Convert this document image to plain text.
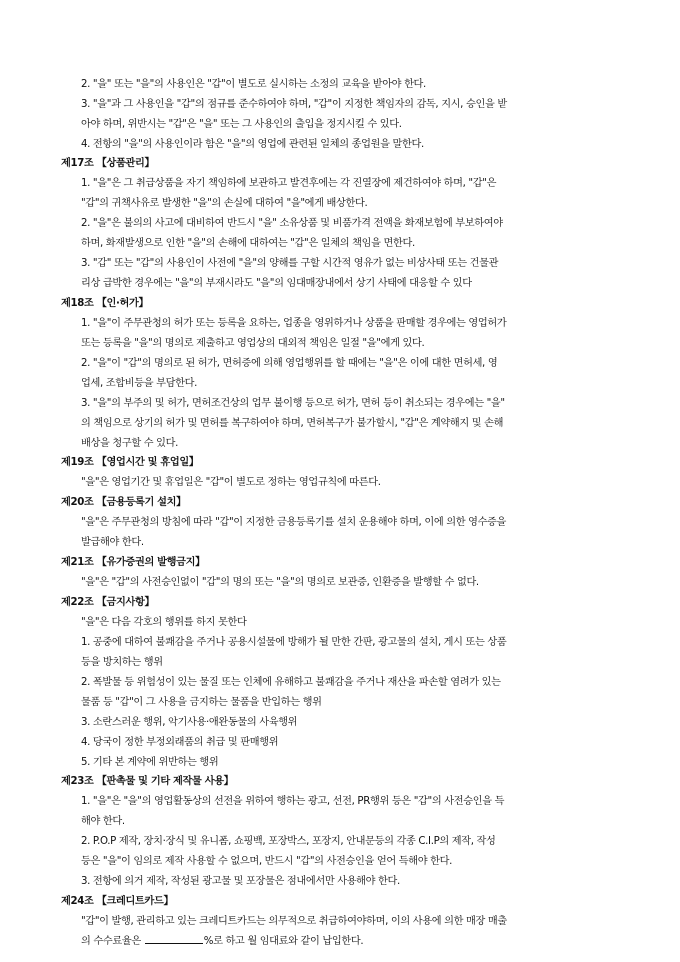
2. "을" 또는 "을"의 사용인은 "갑"이 별도로 실시하는 소정의 교육을 받아야 한다.
3. "을"과 그 사용인을 "갑"의 점규를 준수하여야 하며, "갑"이 지정한 책임자의 감독, 지시, 승인을 받
아야 하며, 위반시는 "갑"은 "을" 또는 그 사용인의 출입을 정지시킬 수 있다.
4. 전항의 "을"의 사용인이라 함은 "을"의 영업에 관련된 일체의 종업원을 말한다.
제17조 【상품관리】
1. "을"은 그 취급상품을 자기 책임하에 보관하고 발견후에는 각 진열장에 제건하여야 하며, "갑"은
"갑"의 귀책사유로 발생한 "을"의 손실에 대하여 "을"에게 배상한다.
2. "을"은 불의의 사고에 대비하여 반드시 "을" 소유상품 및 비품가격 전액을 화재보험에 부보하여야
하며, 화재발생으로 인한 "을"의 손해에 대하여는 "갑"은 일체의 책임을 면한다.
3. "갑" 또는 "갑"의 사용인이 사전에 "을"의 양해를 구할 시간적 영유가 없는 비상사태 또는 건물관
리상 급박한 경우에는 "을"의 부재시라도 "을"의 임대매장내에서 상기 사태에 대응할 수 있다
제18조 【인·허가】
1. "을"이 주무관청의 허가 또는 등록을 요하는, 업종을 영위하거나 상품을 판매할 경우에는 영업허가
또는 등록을 "을"의 명의로 제출하고 영업상의 대외적 책임은 일절 "을"에게 있다.
2. "을"이 "갑"의 명의로 된 허가, 면허증에 의해 영업행위를 할 때에는 "을"은 이에 대한 면허세, 영
업세, 조합비등을 부담한다.
3. "을"의 부주의 및 허가, 면허조건상의 업무 불이행 등으로 허가, 면허 등이 취소되는 경우에는 "을"
의 책임으로 상기의 허가 및 면허를 복구하여야 하며, 면허복구가 불가할시, "갑"은 계약해지 및 손해
배상을 청구할 수 있다.
제19조 【영업시간 및 휴업일】
"을"은 영업기간 및 휴업일은 "갑"이 별도로 정하는 영업규칙에 따른다.
제20조 【금용등록기 설치】
"을"은 주무관청의 방침에 따라 "갑"이 지정한 금용등록기를 설치 운용해야 하며, 이에 의한 영수증을
발급해야 한다.
제21조 【유가증권의 발행금지】
"을"은 "갑"의 사전승인없이 "갑"의 명의 또는 "을"의 명의로 보관증, 인환증을 발행할 수 없다.
제22조 【금지사항】
"을"은 다음 각호의 행위를 하지 못한다
1. 공중에 대하여 불쾌감을 주거나 공용시설물에 방해가 될 만한 간판, 광고물의 설치, 게시 또는 상품
등을 방치하는 행위
2. 폭발물 등 위험성이 있는 물질 또는 인체에 유해하고 불쾌감을 주거나 재산을 파손할 염려가 있는
물품 등 "갑"이 그 사용을 금지하는 물품을 반입하는 행위
3. 소란스러운 행위, 악기사용·애완동물의 사육행위
4. 당국이 정한 부정외래품의 취급 및 판매행위
5. 기타 본 계약에 위반하는 행위
제23조 【판촉물 및 기타 제작물 사용】
1. "을"은 "을"의 영업활동상의 선전을 위하여 행하는 광고, 선전, PR행위 등은 "갑"의 사전승인을 득
해야 한다.
2. P.O.P 제작, 장치·장식 및 유니폼, 쇼핑백, 포장박스, 포장지, 안내문등의 각종 C.I.P의 제작, 작성
등은 "을"이 임의로 제작 사용할 수 없으며, 반드시 "갑"의 사전승인을 얻어 득해야 한다.
3. 전항에 의거 제작, 작성된 광고물 및 포장물은 점내에서만 사용해야 한다.
제24조 【크레디트카드】
"갑"이 발행, 관리하고 있는 크레디트카드는 의무적으로 취급하여야하며, 이의 사용에 의한 매장 매출
의 수수료율은	%로 하고 월 임대료와 같이 납입한다.
